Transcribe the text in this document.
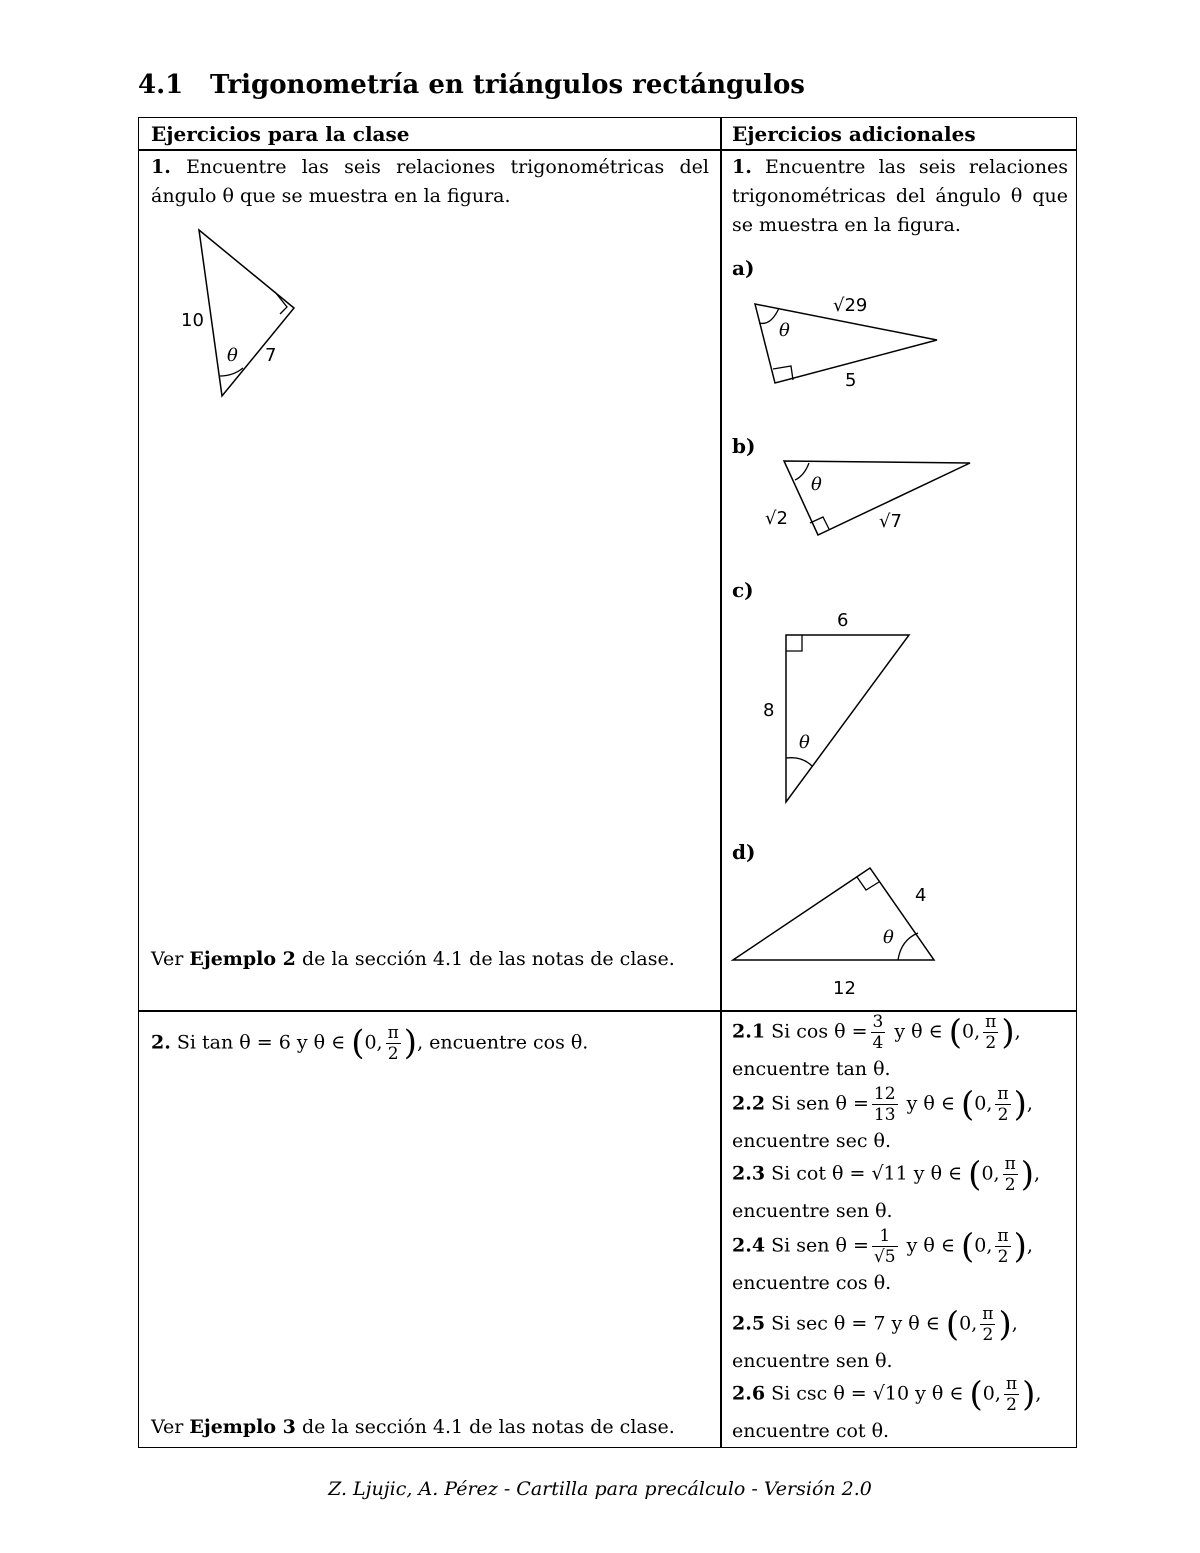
4.1 Trigonometría en triángulos rectángulos
Ejercicios para la clase	Ejercicios adicionales
1. Encuentre las seis relaciones trigonométricas del ángulo θ que se muestra en la figura.
10
7
θ
Ver Ejemplo 2 de la sección 4.1 de las notas de clase.
1. Encuentre las seis relaciones trigonométricas del ángulo θ que se muestra en la figura.
a)
θ
√29
5
b)
θ
√2	√7
c)
θ
6
8
d)
θ
4
12
2. Si tan θ = 6 y θ ∈ (0, $\frac{\pi}{2}$ ), encuentre cos θ.
Ver Ejemplo 3 de la sección 4.1 de las notas de clase.
2.1 Si $\cos \theta = \frac{3}{4}$ y θ ∈ (0, $\frac{\pi}{2}$ ),
encuentre tan θ.
2.2 Si sen $\theta = \frac{12}{13}$ y θ ∈ (0, $\frac{\pi}{2}$ ),
encuentre sec θ.
2.3 Si cot θ = √11 y θ ∈ (0, $\frac{\pi}{2}$ ),
encuentre sen θ.
2.4 Si sen $\theta = \frac{1}{√5}$ y θ ∈ (0, $\frac{\pi}{2}$ ),
encuentre cos θ.
2.5 Si sec θ = 7 y θ ∈ (0, $\frac{\pi}{2}$ ),
encuentre sen θ.
2.6 Si csc θ = √10 y θ ∈ (0, $\frac{\pi}{2}$ ),
encuentre cot θ.
Z. Ljujic, A. Pérez - Cartilla para precálculo - Versión 2.0
